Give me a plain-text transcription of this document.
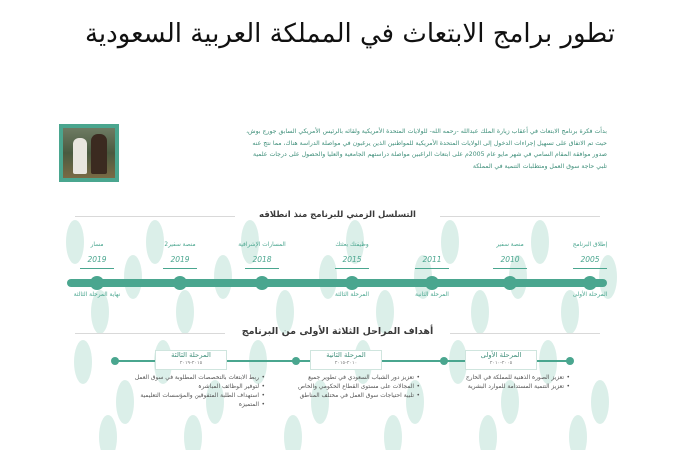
تطور برامج الابتعاث في المملكة العربية السعودية
بدأت فكرة برنامج الابتعاث في أعقاب زيارة الملك عبدالله -رحمه الله- للولايات المتحدة الأمريكية ولقائه بالرئيس الأمريكي السابق جورج بوش،
حيث تم الاتفاق على تسهيل إجراءات الدخول إلى الولايات المتحدة الأمريكية للمواطنين الذين يرغبون في مواصلة الدراسة هناك، مما نتج عنه
صدور موافقة المقام السامي في شهر مايو عام 2005م على ابتعاث الراغبين مواصلة دراستهم الجامعية والعليا والحصول على درجات علمية
تلبي حاجة سوق العمل ومتطلبات التنمية في المملكة
التسلسل الزمني للبرنامج منذ انطلاقه
2005
2010
2011
2015
2018
2019
2019
إطلاق البرنامج
منصة سفير
وظيفتك بعثتك
المسارات الإشرافية
منصة سفير2
مسار
المرحلة الأولى
المرحلة الثانية
المرحلة الثالثة
نهاية المرحلة الثالثة
أهداف المراحل الثلاثة الأولى من البرنامج
المرحلة الأولى
٢٠٠٥-٢٠١٠
المرحلة الثانية
٢٠١٠-٢٠١٥
المرحلة الثالثة
٢٠١٥-٢٠١٩
• تعزيز الصورة الذهنية للمملكة في الخارج
• تعزيز التنمية المستدامة للموارد البشرية
• تعزيز دور الشباب السعودي في تطوير جميع
• المجالات على مستوى القطاع الحكومي والخاص
• تلبية احتياجات سوق العمل في مختلف المناطق
• ربط الابتعاث بالتخصصات المطلوبة في سوق العمل
• لتوفير الوظائف المباشرة
• استهداف الطلبة المتفوقين والمؤسسات التعليمية
• المتميزة
